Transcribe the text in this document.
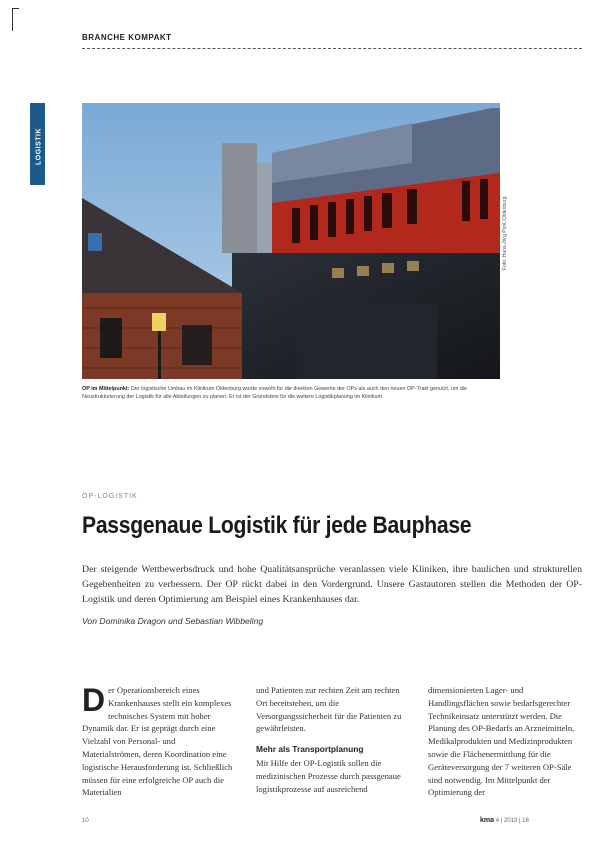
BRANCHE KOMPAKT
LOGISTIK
Foto: Hans-Jörg Pohl, Oldenburg
OP im Mittelpunkt: Der logistische Umbau im Klinikum Oldenburg wurde sowohl für die direkten Gewerke der OPs als auch den neuen OP-Trakt genutzt, um die Neustrukturierung der Logistik für alle Abteilungen zu planen. Er ist der Grundstein für die weitere Logistikplanung im Klinikum.
OP-LOGISTIK
Passgenaue Logistik für jede Bauphase
Der steigende Wettbewerbsdruck und hohe Qualitätsansprüche veranlassen viele Kliniken, ihre baulichen und strukturellen Gegebenheiten zu verbessern. Der OP rückt dabei in den Vordergrund. Unsere Gastautoren stellen die Methoden der OP-Logistik und deren Optimierung am Beispiel eines Krankenhauses dar.
Von Dominika Dragon und Sebastian Wibbeling
D er Operationsbereich eines Krankenhauses stellt ein komplexes technisches System mit hoher Dynamik dar. Er ist geprägt durch eine Vielzahl von Personal- und Materialströmen, deren Koordination eine logistische Herausforderung ist. Schließlich müssen für eine erfolgreiche OP auch die Materialien

und Patienten zur rechten Zeit am rechten Ort bereitstehen, um die Versorgungssicherheit für die Patienten zu gewährleisten.

Mehr als Transportplanung

Mit Hilfe der OP-Logistik sollen die medizinischen Prozesse durch passgenaue logistikprozesse auf ausreichend

dimensionierten Lager- und Handlingsflächen sowie bedarfsgerechter Technikeinsatz unterstützt werden. Die Planung des OP-Bedarfs an Arzneimitteln, Medikalprodukten und Medizinprodukten sowie die Flächenermittlung für die Geräteversorgung der 7 weiteren OP-Säle sind notwendig. Im Mittelpunkt der Optimierung der

10	kma 4 | 2013 | 18
